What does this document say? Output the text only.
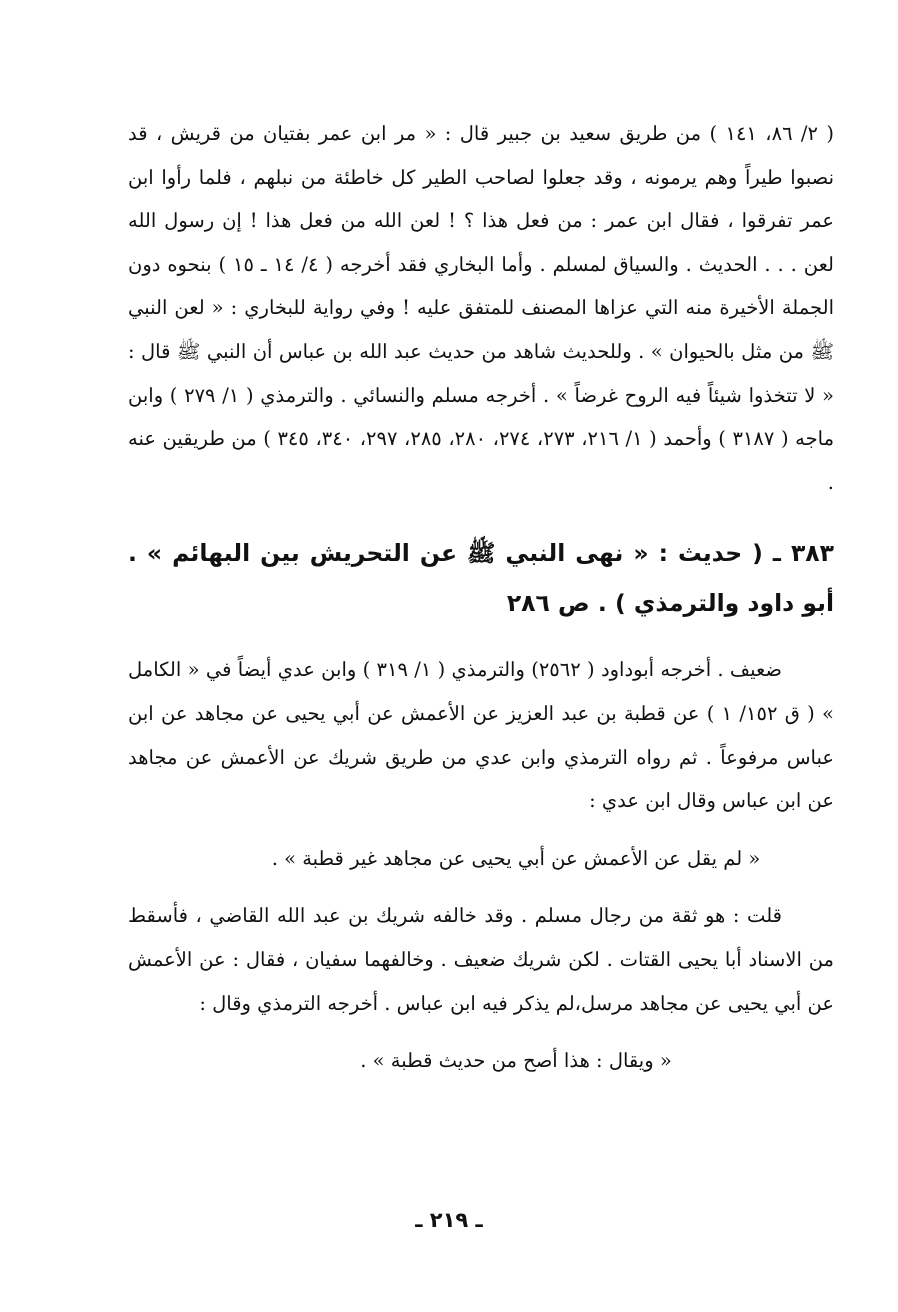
( ٢/ ٨٦، ١٤١ ) من طريق سعيد بن جبير قال : « مر ابن عمر بفتيان من قريش ، قد نصبوا طيراً وهم يرمونه ، وقد جعلوا لصاحب الطير كل خاطئة من نبلهم ، فلما رأوا ابن عمر تفرقوا ، فقال ابن عمر : من فعل هذا ؟ ! لعن الله من فعل هذا ! إن رسول الله لعن . . . الحديث . والسياق لمسلم . وأما البخاري فقد أخرجه ( ٤/ ١٤ ـ ١٥ ) بنحوه دون الجملة الأخيرة منه التي عزاها المصنف للمتفق عليه ! وفي رواية للبخاري : « لعن النبي ﷺ من مثل بالحيوان » . وللحديث شاهد من حديث عبد الله بن عباس أن النبي ﷺ قال : « لا تتخذوا شيئاً فيه الروح غرضاً » . أخرجه مسلم والنسائي . والترمذي ( ١/ ٢٧٩ ) وابن ماجه ( ٣١٨٧ ) وأحمد ( ١/ ٢١٦، ٢٧٣، ٢٧٤، ٢٨٠، ٢٨٥، ٢٩٧، ٣٤٠، ٣٤٥ ) من طريقين عنه .

٣٨٣ ـ ( حديث : « نهى النبي ﷺ عن التحريش بين البهائم » . أبو داود والترمذي ) . ص ٢٨٦

ضعيف . أخرجه أبوداود ( ٢٥٦٢) والترمذي ( ١/ ٣١٩ ) وابن عدي أيضاً في « الكامل » ( ق ١٥٢/ ١ ) عن قطبة بن عبد العزيز عن الأعمش عن أبي يحيى عن مجاهد عن ابن عباس مرفوعاً . ثم رواه الترمذي وابن عدي من طريق شريك عن الأعمش عن مجاهد عن ابن عباس وقال ابن عدي :

« لم يقل عن الأعمش عن أبي يحيى عن مجاهد غير قطبة » .

قلت : هو ثقة من رجال مسلم . وقد خالفه شريك بن عبد الله القاضي ، فأسقط من الاسناد أبا يحيى القتات . لكن شريك ضعيف . وخالفهما سفيان ، فقال : عن الأعمش عن أبي يحيى عن مجاهد مرسل،لم يذكر فيه ابن عباس . أخرجه الترمذي وقال :

« ويقال : هذا أصح من حديث قطبة » .

ـ ٢١٩ ـ
